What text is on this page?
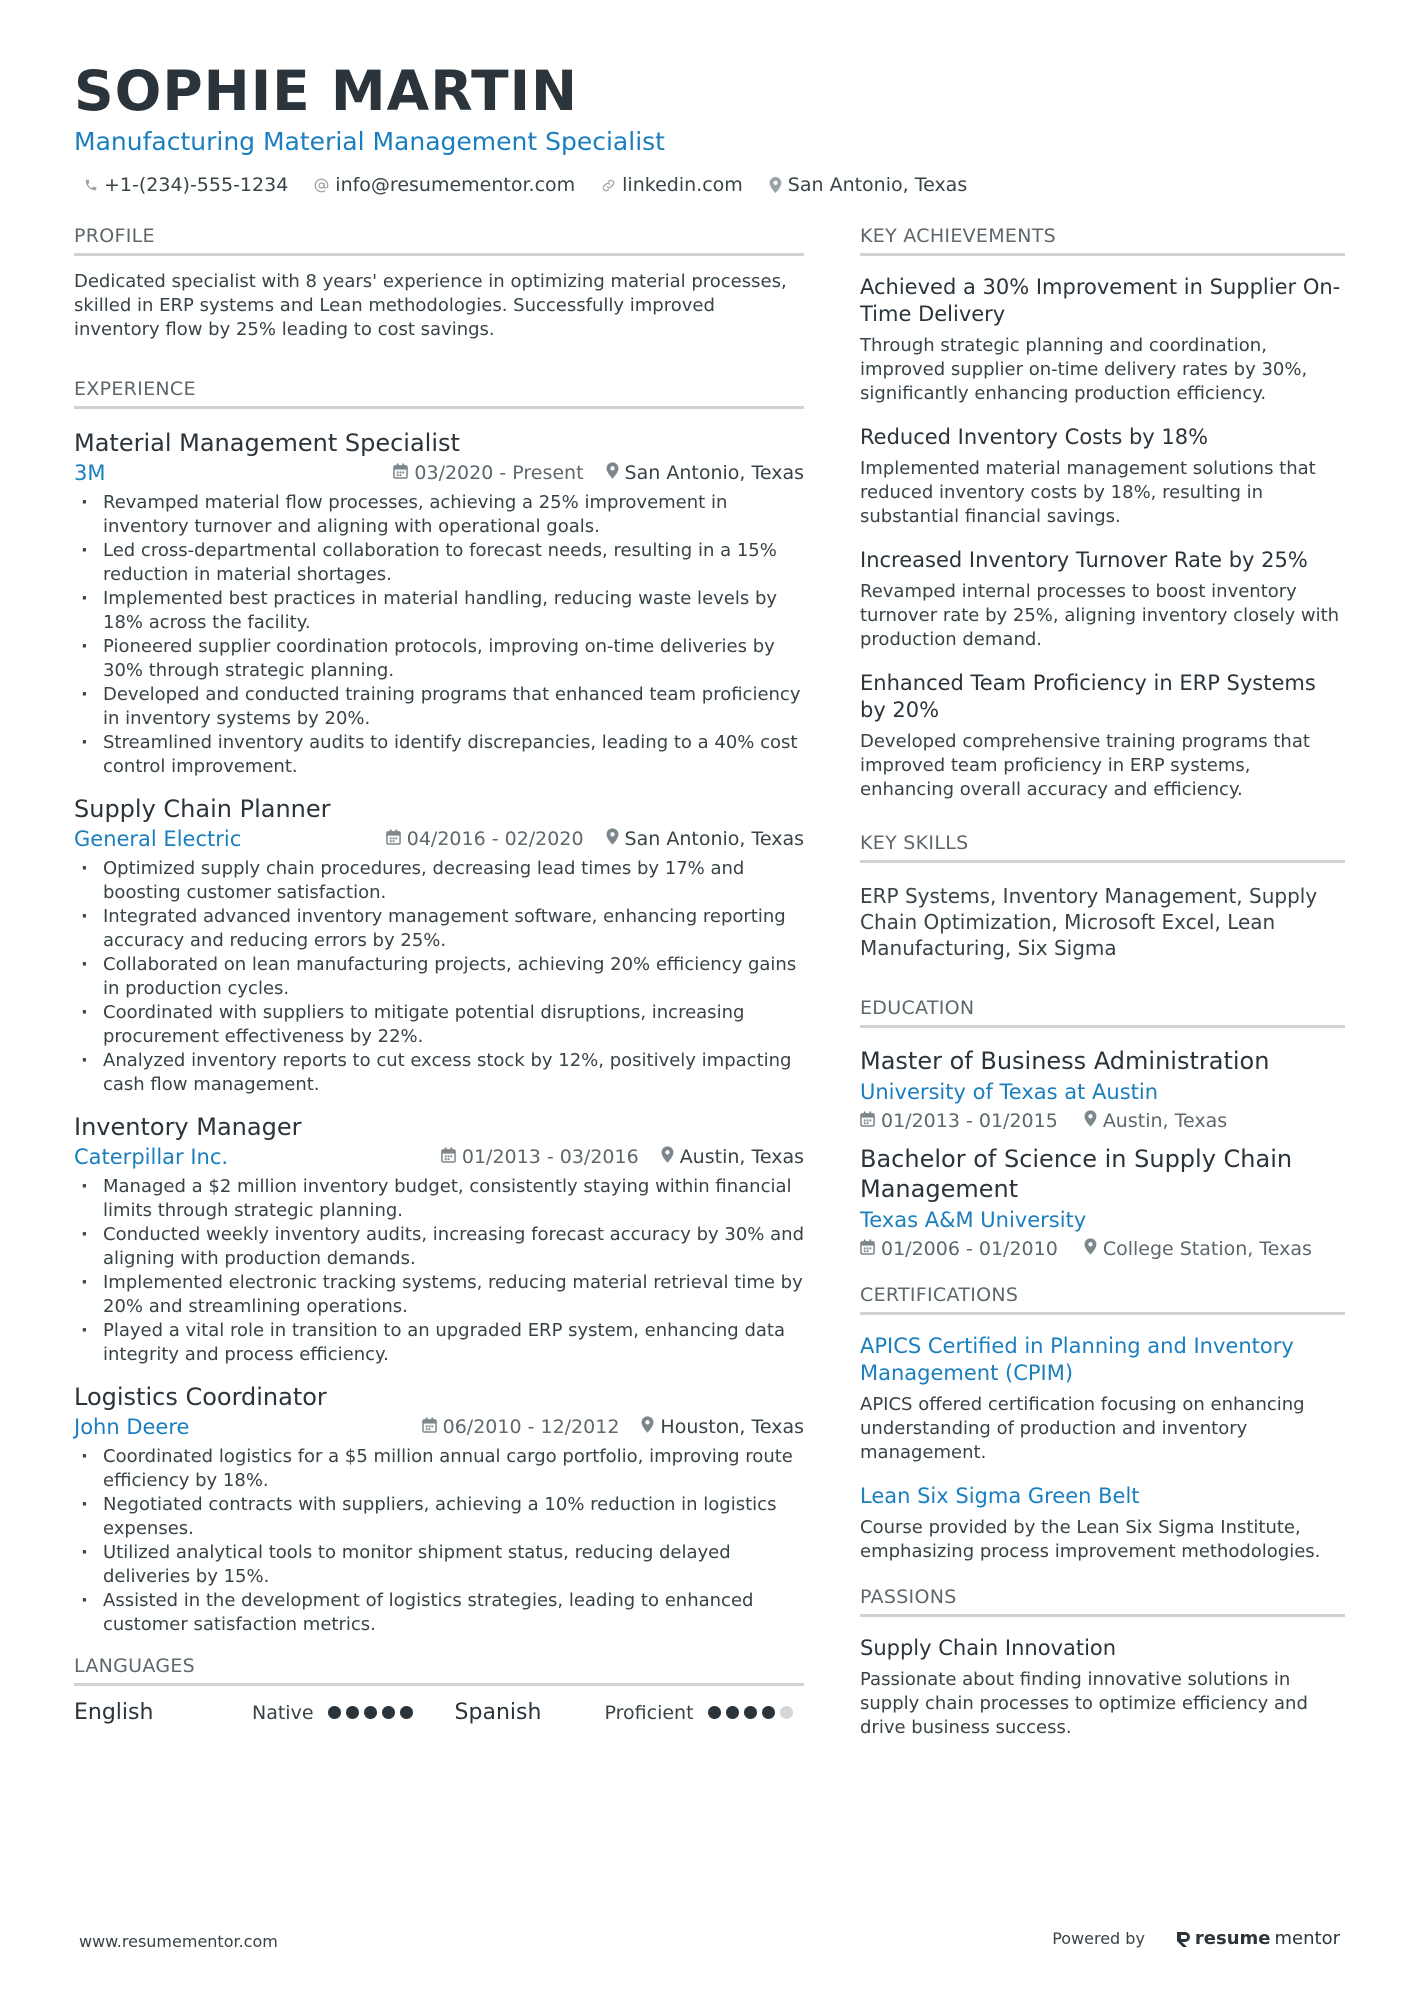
SOPHIE MARTIN
Manufacturing Material Management Specialist
+1-(234)-555-1234 info@resumementor.com linkedin.com San Antonio, Texas
PROFILE
Dedicated specialist with 8 years' experience in optimizing material processes, skilled in ERP systems and Lean methodologies. Successfully improved inventory flow by 25% leading to cost savings.
EXPERIENCE
Material Management Specialist
3M	03/2020 - Present San Antonio, Texas
· Revamped material flow processes, achieving a 25% improvement in inventory turnover and aligning with operational goals.
· Led cross-departmental collaboration to forecast needs, resulting in a 15% reduction in material shortages.
· Implemented best practices in material handling, reducing waste levels by 18% across the facility.
· Pioneered supplier coordination protocols, improving on-time deliveries by 30% through strategic planning.
· Developed and conducted training programs that enhanced team proficiency in inventory systems by 20%.
· Streamlined inventory audits to identify discrepancies, leading to a 40% cost control improvement.
Supply Chain Planner
General Electric	04/2016 - 02/2020 San Antonio, Texas
· Optimized supply chain procedures, decreasing lead times by 17% and boosting customer satisfaction.
· Integrated advanced inventory management software, enhancing reporting accuracy and reducing errors by 25%.
· Collaborated on lean manufacturing projects, achieving 20% efficiency gains in production cycles.
· Coordinated with suppliers to mitigate potential disruptions, increasing procurement effectiveness by 22%.
· Analyzed inventory reports to cut excess stock by 12%, positively impacting cash flow management.
Inventory Manager
Caterpillar Inc.	01/2013 - 03/2016 Austin, Texas
· Managed a $2 million inventory budget, consistently staying within financial limits through strategic planning.
· Conducted weekly inventory audits, increasing forecast accuracy by 30% and aligning with production demands.
· Implemented electronic tracking systems, reducing material retrieval time by 20% and streamlining operations.
· Played a vital role in transition to an upgraded ERP system, enhancing data integrity and process efficiency.
Logistics Coordinator
John Deere	06/2010 - 12/2012 Houston, Texas
· Coordinated logistics for a $5 million annual cargo portfolio, improving route efficiency by 18%.
· Negotiated contracts with suppliers, achieving a 10% reduction in logistics expenses.
· Utilized analytical tools to monitor shipment status, reducing delayed deliveries by 15%.
· Assisted in the development of logistics strategies, leading to enhanced customer satisfaction metrics.
LANGUAGES
English	Native	Spanish	Proficient
KEY ACHIEVEMENTS
Achieved a 30% Improvement in Supplier On-Time Delivery
Through strategic planning and coordination, improved supplier on-time delivery rates by 30%, significantly enhancing production efficiency.
Reduced Inventory Costs by 18%
Implemented material management solutions that reduced inventory costs by 18%, resulting in substantial financial savings.
Increased Inventory Turnover Rate by 25%
Revamped internal processes to boost inventory turnover rate by 25%, aligning inventory closely with production demand.
Enhanced Team Proficiency in ERP Systems by 20%
Developed comprehensive training programs that improved team proficiency in ERP systems, enhancing overall accuracy and efficiency.
KEY SKILLS
ERP Systems, Inventory Management, Supply Chain Optimization, Microsoft Excel, Lean Manufacturing, Six Sigma
EDUCATION
Master of Business Administration
University of Texas at Austin
01/2013 - 01/2015 Austin, Texas
Bachelor of Science in Supply Chain Management
Texas A&M University
01/2006 - 01/2010 College Station, Texas
CERTIFICATIONS
APICS Certified in Planning and Inventory Management (CPIM)
APICS offered certification focusing on enhancing understanding of production and inventory management.
Lean Six Sigma Green Belt
Course provided by the Lean Six Sigma Institute, emphasizing process improvement methodologies.
PASSIONS
Supply Chain Innovation
Passionate about finding innovative solutions in supply chain processes to optimize efficiency and drive business success.
www.resumementor.com	Powered by	resume mentor
